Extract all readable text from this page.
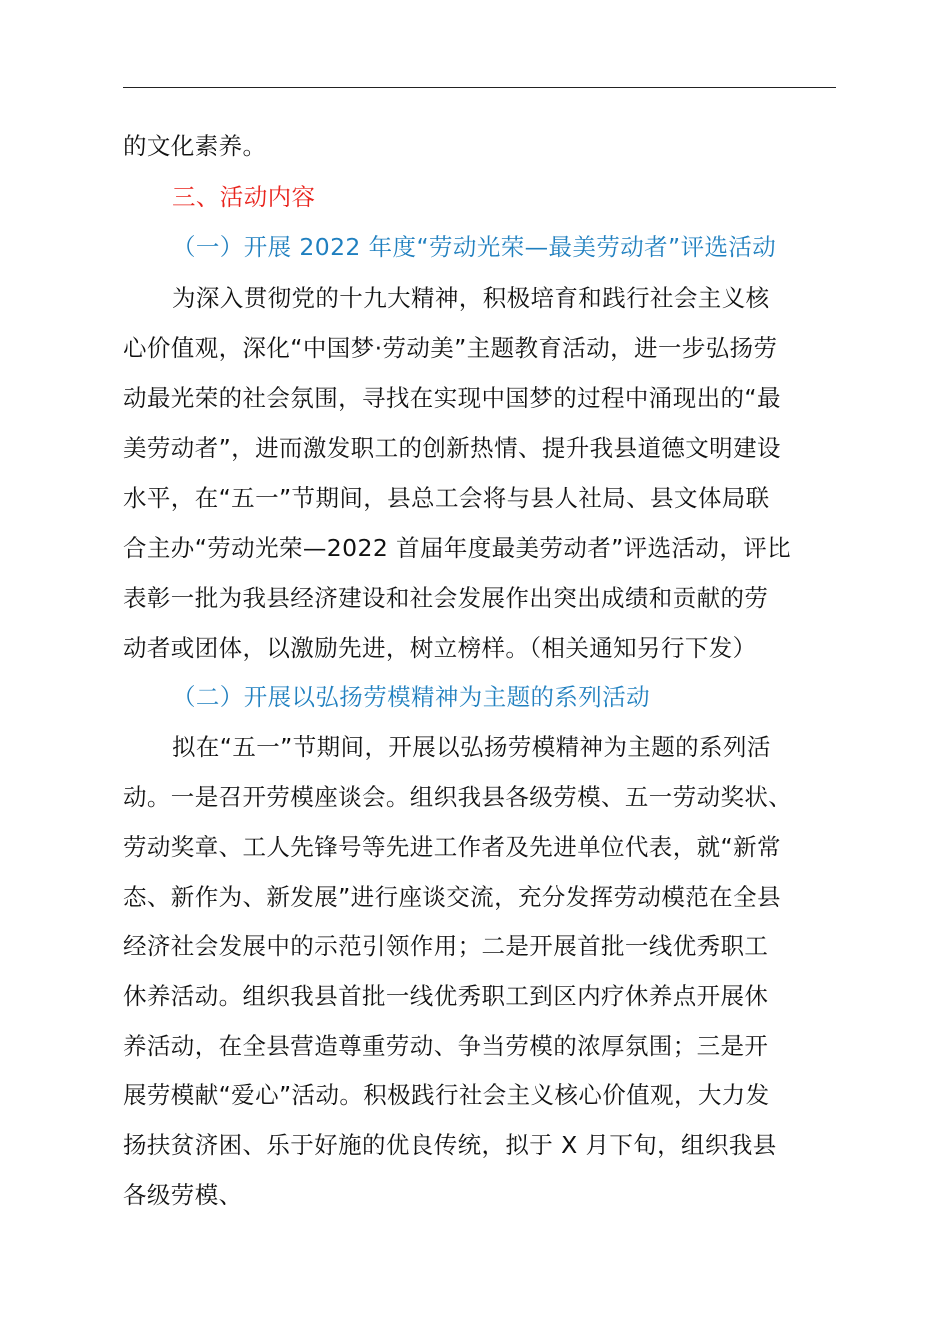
的文化素养。
三、活动内容
（一）开展 2022 年度“劳动光荣—最美劳动者”评选活动
为深入贯彻党的十九大精神，积极培育和践行社会主义核
心价值观，深化“中国梦·劳动美”主题教育活动，进一步弘扬劳
动最光荣的社会氛围，寻找在实现中国梦的过程中涌现出的“最
美劳动者”，进而激发职工的创新热情、提升我县道德文明建设
水平，在“五一”节期间，县总工会将与县人社局、县文体局联
合主办“劳动光荣—2022 首届年度最美劳动者”评选活动，评比
表彰一批为我县经济建设和社会发展作出突出成绩和贡献的劳
动者或团体，以激励先进，树立榜样。（相关通知另行下发）
（二）开展以弘扬劳模精神为主题的系列活动
拟在“五一”节期间，开展以弘扬劳模精神为主题的系列活
动。一是召开劳模座谈会。组织我县各级劳模、五一劳动奖状、
劳动奖章、工人先锋号等先进工作者及先进单位代表，就“新常
态、新作为、新发展”进行座谈交流，充分发挥劳动模范在全县
经济社会发展中的示范引领作用；二是开展首批一线优秀职工
休养活动。组织我县首批一线优秀职工到区内疗休养点开展休
养活动，在全县营造尊重劳动、争当劳模的浓厚氛围；三是开
展劳模献“爱心”活动。积极践行社会主义核心价值观，大力发
扬扶贫济困、乐于好施的优良传统，拟于 X 月下旬，组织我县
各级劳模、
